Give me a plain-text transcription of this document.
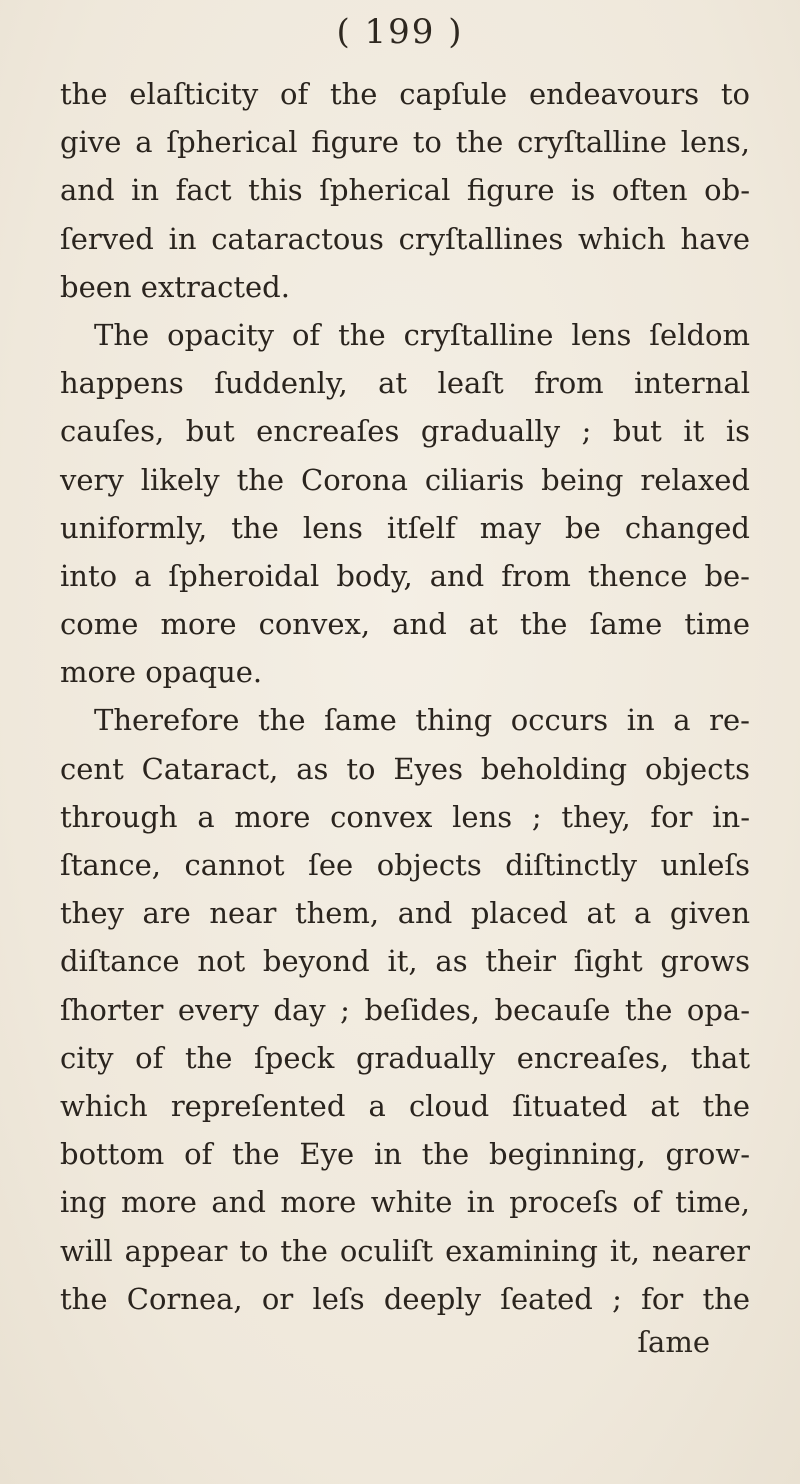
( 199 )
the elaſticity of the capſule endeavours to
give a ſpherical figure to the cryſtalline lens,
and in fact this ſpherical figure is often ob-
ſerved in cataractous cryſtallines which have
been extracted.
The opacity of the cryſtalline lens ſeldom
happens ſuddenly, at leaſt from internal
cauſes, but encreaſes gradually ; but it is
very likely the Corona ciliaris being relaxed
uniformly, the lens itſelf may be changed
into a ſpheroidal body, and from thence be-
come more convex, and at the ſame time
more opaque.
Therefore the ſame thing occurs in a re-
cent Cataract, as to Eyes beholding objects
through a more convex lens ; they, for in-
ſtance, cannot ſee objects diſtinctly unleſs
they are near them, and placed at a given
diſtance not beyond it, as their ſight grows
ſhorter every day ; beſides, becauſe the opa-
city of the ſpeck gradually encreaſes, that
which repreſented a cloud ſituated at the
bottom of the Eye in the beginning, grow-
ing more and more white in proceſs of time,
will appear to the oculiſt examining it, nearer
the Cornea, or leſs deeply ſeated ; for the
ſame
